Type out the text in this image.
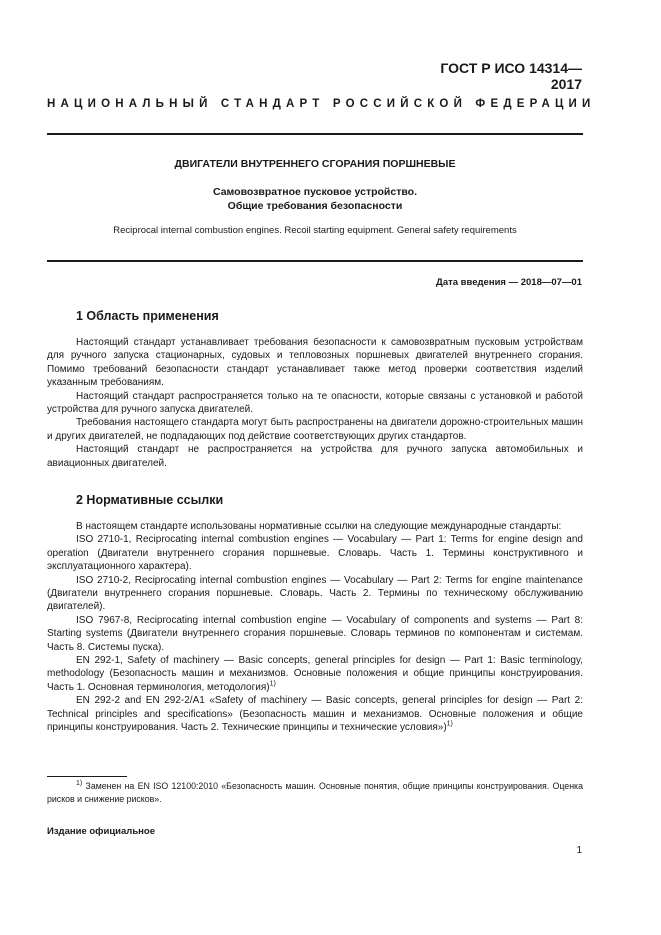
ГОСТ Р ИСО 14314—2017
НАЦИОНАЛЬНЫЙ СТАНДАРТ РОССИЙСКОЙ ФЕДЕРАЦИИ
ДВИГАТЕЛИ ВНУТРЕННЕГО СГОРАНИЯ ПОРШНЕВЫЕ
Самовозвратное пусковое устройство.
Общие требования безопасности
Reciprocal internal combustion engines. Recoil starting equipment. General safety requirements
Дата введения — 2018—07—01
1 Область применения

Настоящий стандарт устанавливает требования безопасности к самовозвратным пусковым устройствам для ручного запуска стационарных, судовых и тепловозных поршневых двигателей внутреннего сгорания. Помимо требований безопасности стандарт устанавливает также метод проверки соответствия изделий указанным требованиям.

Настоящий стандарт распространяется только на те опасности, которые связаны с установкой и работой устройства для ручного запуска двигателей.

Требования настоящего стандарта могут быть распространены на двигатели дорожно-строительных машин и других двигателей, не подпадающих под действие соответствующих других стандартов.

Настоящий стандарт не распространяется на устройства для ручного запуска автомобильных и авиационных двигателей.

2 Нормативные ссылки

В настоящем стандарте использованы нормативные ссылки на следующие международные стандарты:

ISO 2710-1, Reciprocating internal combustion engines — Vocabulary — Part 1: Terms for engine design and operation (Двигатели внутреннего сгорания поршневые. Словарь. Часть 1. Термины конструктивного и эксплуатационного характера).

ISO 2710-2, Reciprocating internal combustion engines — Vocabulary — Part 2: Terms for engine maintenance (Двигатели внутреннего сгорания поршневые. Словарь. Часть 2. Термины по техническому обслуживанию двигателей).

ISO 7967-8, Reciprocating internal combustion engine — Vocabulary of components and systems — Part 8: Starting systems (Двигатели внутреннего сгорания поршневые. Словарь терминов по компонентам и системам. Часть 8. Системы пуска).

EN 292-1, Safety of machinery — Basic concepts, general principles for design — Part 1: Basic terminology, methodology (Безопасность машин и механизмов. Основные положения и общие принципы конструирования. Часть 1. Основная терминология, методология)$^{1)}$

EN 292-2 and EN 292-2/A1 «Safety of machinery — Basic concepts, general principles for design — Part 2: Technical principles and specifications» (Безопасность машин и механизмов. Основные положения и общие принципы конструирования. Часть 2. Технические принципы и технические условия»)$^{1)}$

$^{1)}$ Заменен на EN ISO 12100:2010 «Безопасность машин. Основные понятия, общие принципы конструирования. Оценка рисков и снижение рисков».

Издание официальное
1
